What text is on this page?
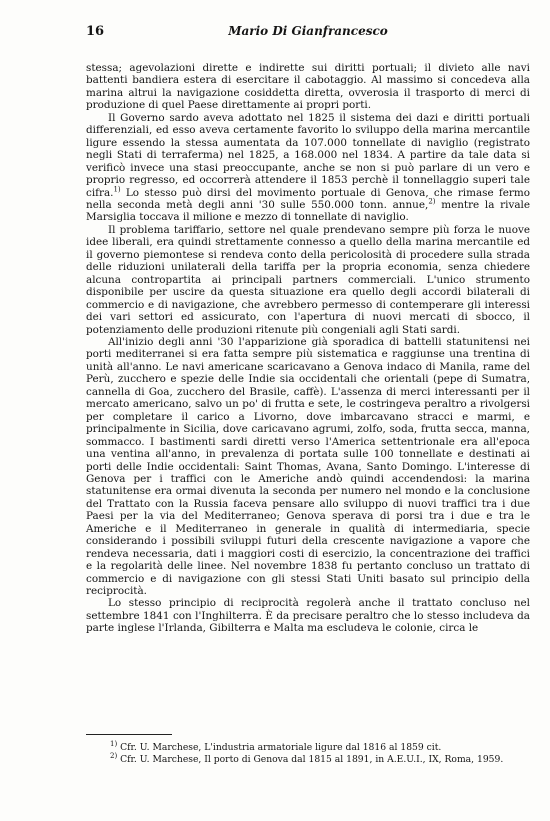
16	Mario Di Gianfrancesco

stessa; agevolazioni dirette e indirette sui diritti portuali; il divieto alle navi battenti bandiera estera di esercitare il cabotaggio. Al massimo si concedeva alla marina altrui la navigazione cosiddetta diretta, ovverosia il trasporto di merci di produzione di quel Paese direttamente ai propri porti.

Il Governo sardo aveva adottato nel 1825 il sistema dei dazi e diritti portuali differenziali, ed esso aveva certamente favorito lo sviluppo della marina mercantile ligure essendo la stessa aumentata da 107.000 tonnellate di naviglio (registrato negli Stati di terraferma) nel 1825, a 168.000 nel 1834. A partire da tale data si verificò invece una stasi preoccupante, anche se non si può parlare di un vero e proprio regresso, ed occorrerà attendere il 1853 perchè il tonnellaggio superi tale cifra.$^{1)}$ Lo stesso può dirsi del movimento portuale di Genova, che rimase fermo nella seconda metà degli anni '30 sulle 550.000 tonn. annue,$^{2)}$ mentre la rivale Marsiglia toccava il milione e mezzo di tonnellate di naviglio.

Il problema tariffario, settore nel quale prendevano sempre più forza le nuove idee liberali, era quindi strettamente connesso a quello della marina mercantile ed il governo piemontese si rendeva conto della pericolosità di procedere sulla strada delle riduzioni unilaterali della tariffa per la propria economia, senza chiedere alcuna contropartita ai principali partners commerciali. L'unico strumento disponibile per uscire da questa situazione era quello degli accordi bilaterali di commercio e di navigazione, che avrebbero permesso di contemperare gli interessi dei vari settori ed assicurato, con l'apertura di nuovi mercati di sbocco, il potenziamento delle produzioni ritenute più congeniali agli Stati sardi.

All'inizio degli anni '30 l'apparizione già sporadica di battelli statunitensi nei porti mediterranei si era fatta sempre più sistematica e raggiunse una trentina di unità all'anno. Le navi americane scaricavano a Genova indaco di Manila, rame del Perù, zucchero e spezie delle Indie sia occidentali che orientali (pepe di Sumatra, cannella di Goa, zucchero del Brasile, caffè). L'assenza di merci interessanti per il mercato americano, salvo un po' di frutta e sete, le costringeva peraltro a rivolgersi per completare il carico a Livorno, dove imbarcavano stracci e marmi, e principalmente in Sicilia, dove caricavano agrumi, zolfo, soda, frutta secca, manna, sommacco. I bastimenti sardi diretti verso l'America settentrionale era all'epoca una ventina all'anno, in prevalenza di portata sulle 100 tonnellate e destinati ai porti delle Indie occidentali: Saint Thomas, Avana, Santo Domingo. L'interesse di Genova per i traffici con le Americhe andò quindi accendendosi: la marina statunitense era ormai divenuta la seconda per numero nel mondo e la conclusione del Trattato con la Russia faceva pensare allo sviluppo di nuovi traffici tra i due Paesi per la via del Mediterraneo; Genova sperava di porsi tra i due e tra le Americhe e il Mediterraneo in generale in qualità di intermediaria, specie considerando i possibili sviluppi futuri della crescente navigazione a vapore che rendeva necessaria, dati i maggiori costi di esercizio, la concentrazione dei traffici e la regolarità delle linee. Nel novembre 1838 fu pertanto concluso un trattato di commercio e di navigazione con gli stessi Stati Uniti basato sul principio della reciprocità.

Lo stesso principio di reciprocità regolerà anche il trattato concluso nel settembre 1841 con l'Inghilterra. È da precisare peraltro che lo stesso includeva da parte inglese l'Irlanda, Gibilterra e Malta ma escludeva le colonie, circa le

$^{1)}$ Cfr. U. Marchese, L'industria armatoriale ligure dal 1816 al 1859 cit.

$^{2)}$ Cfr. U. Marchese, Il porto di Genova dal 1815 al 1891, in A.E.U.I., IX, Roma, 1959.
